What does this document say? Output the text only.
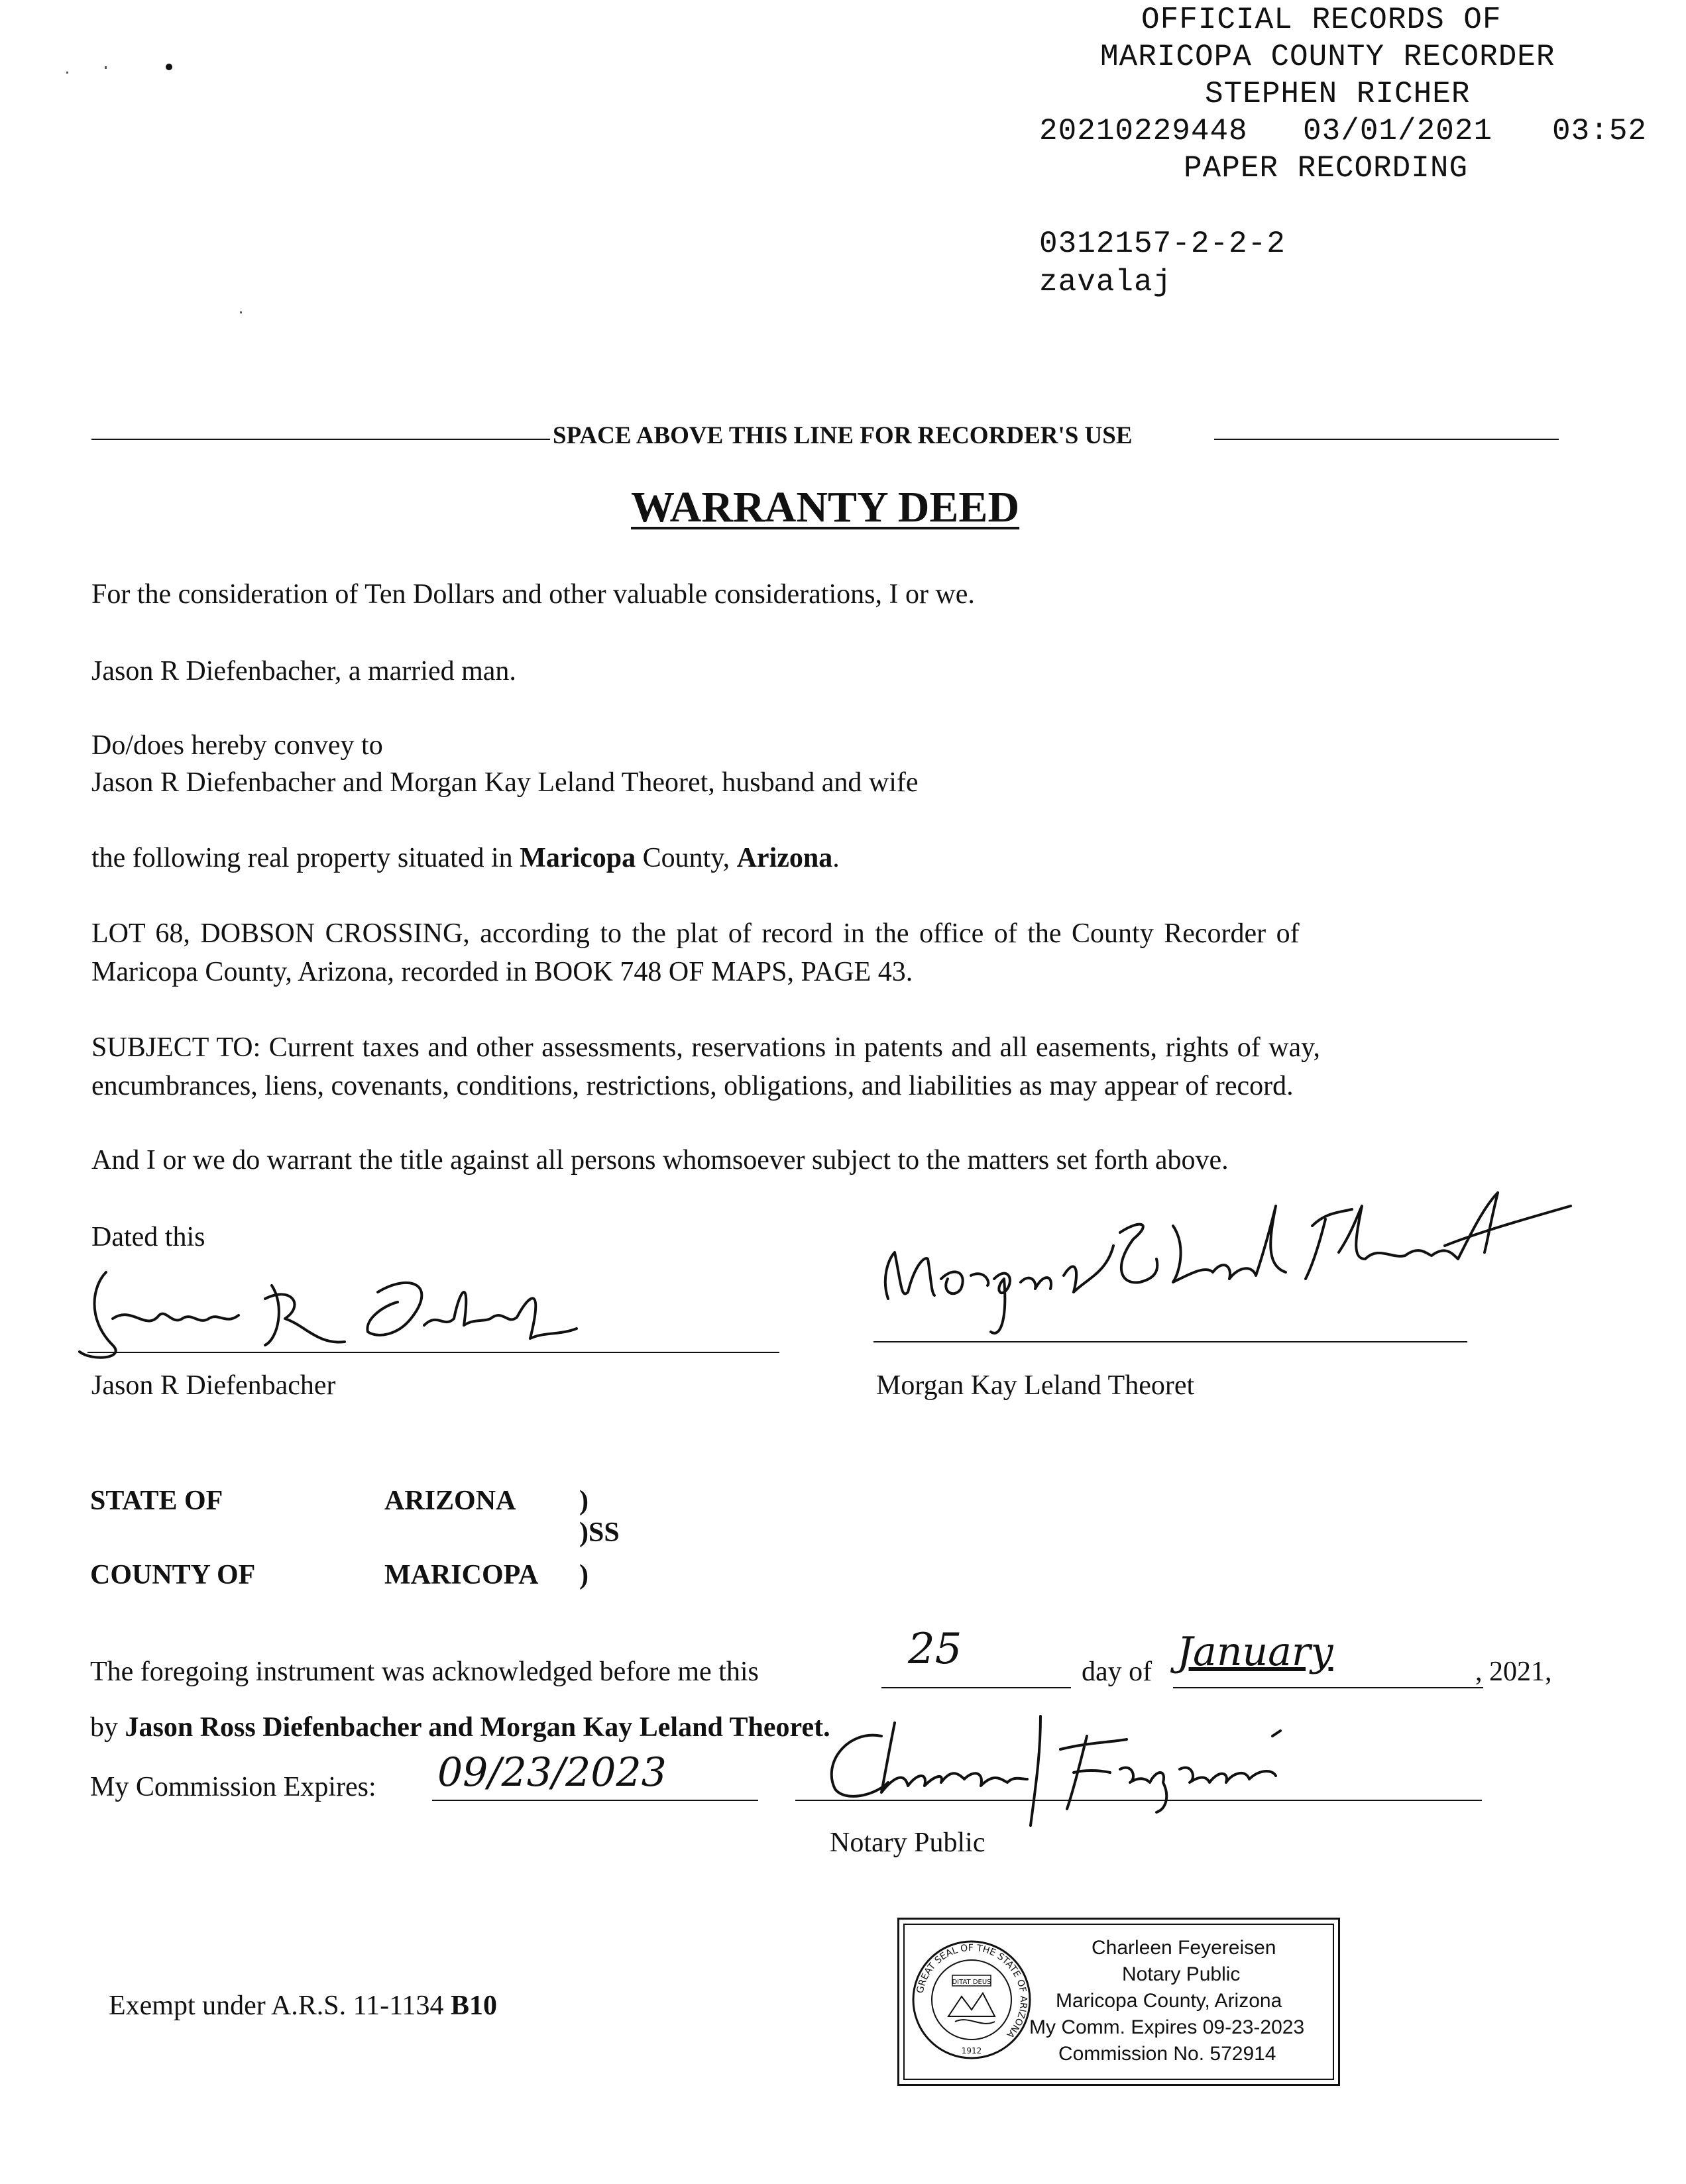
OFFICIAL RECORDS OF
MARICOPA COUNTY RECORDER
STEPHEN RICHER
20210229448 03/01/2021 03:52
PAPER RECORDING
0312157-2-2-2
zavalaj
SPACE ABOVE THIS LINE FOR RECORDER'S USE
WARRANTY DEED
For the consideration of Ten Dollars and other valuable considerations, I or we.
Jason R Diefenbacher, a married man.
Do/does hereby convey to
Jason R Diefenbacher and Morgan Kay Leland Theoret, husband and wife
the following real property situated in Maricopa County, Arizona.
LOT 68, DOBSON CROSSING, according to the plat of record in the office of the County Recorder of
Maricopa County, Arizona, recorded in BOOK 748 OF MAPS, PAGE 43.
SUBJECT TO: Current taxes and other assessments, reservations in patents and all easements, rights of way,
encumbrances, liens, covenants, conditions, restrictions, obligations, and liabilities as may appear of record.
And I or we do warrant the title against all persons whomsoever subject to the matters set forth above.
Dated this
Jason R Diefenbacher	Morgan Kay Leland Theoret
STATE OF	ARIZONA )
)SS
COUNTY OF	MARICOPA )
The foregoing instrument was acknowledged before me this	25	day of January	, 2021,
by Jason Ross Diefenbacher and Morgan Kay Leland Theoret.
My Commission Expires: 09/23/2023
Notary Public
Exempt under A.R.S. 11-1134 B10
GREAT SEAL OF THE STATE OF ARIZONA
DITAT DEUS
1912
Charleen Feyereisen
Notary Public
Maricopa County, Arizona
My Comm. Expires 09-23-2023
Commission No. 572914
